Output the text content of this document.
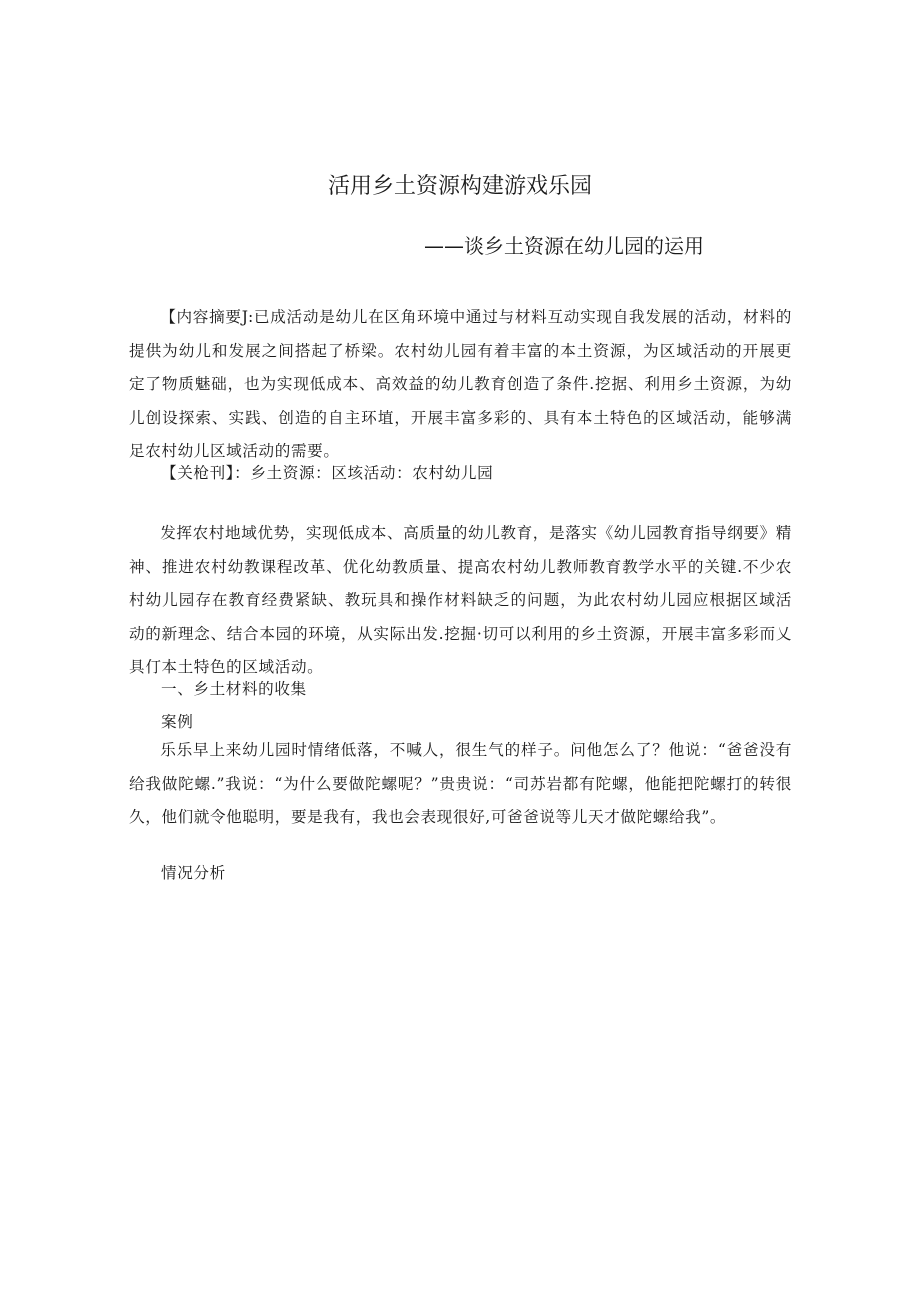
活用乡土资源构建游戏乐园
——谈乡土资源在幼儿园的运用
【内容摘要J:已成活动是幼儿在区角环境中通过与材料互动实现自我发展的活动，材料的提供为幼儿和发展之间搭起了桥梁。农村幼儿园有着丰富的本土资源，为区域活动的开展更定了物质魅础，也为实现低成本、高效益的幼儿教育创造了条件.挖据、利用乡土资源，为幼儿创设探索、实践、创造的自主环埴，开展丰富多彩的、具有本土特色的区域活动，能够满足农村幼儿区域活动的需要。
【关枪刊】：乡土资源：区垓活动：农村幼儿园
发挥农村地域优势，实现低成本、高质量的幼儿教育，是落实《幼儿园教育指导纲要》精神、推进农村幼教课程改革、优化幼教质量、提高农村幼儿教师教育教学水平的关键.不少农村幼儿园存在教育经费紧缺、教玩具和操作材料缺乏的问题，为此农村幼儿园应根据区域活动的新理念、结合本园的环境，从实际出发.挖掘·切可以利用的乡土资源，开展丰富多彩而乂具仃本土特色的区域活动。
一、乡土材料的收集
案例
乐乐早上来幼儿园时情绪低落，不喊人，很生气的样子。问他怎么了？他说：“爸爸没有给我做陀螺.”我说：“为什么要做陀螺呢？”贵贵说：“司苏岩都有陀螺，他能把陀螺打的转很久，他们就令他聪明，要是我有，我也会表现很好,可爸爸说等儿天才做陀螺给我”。
情况分析
